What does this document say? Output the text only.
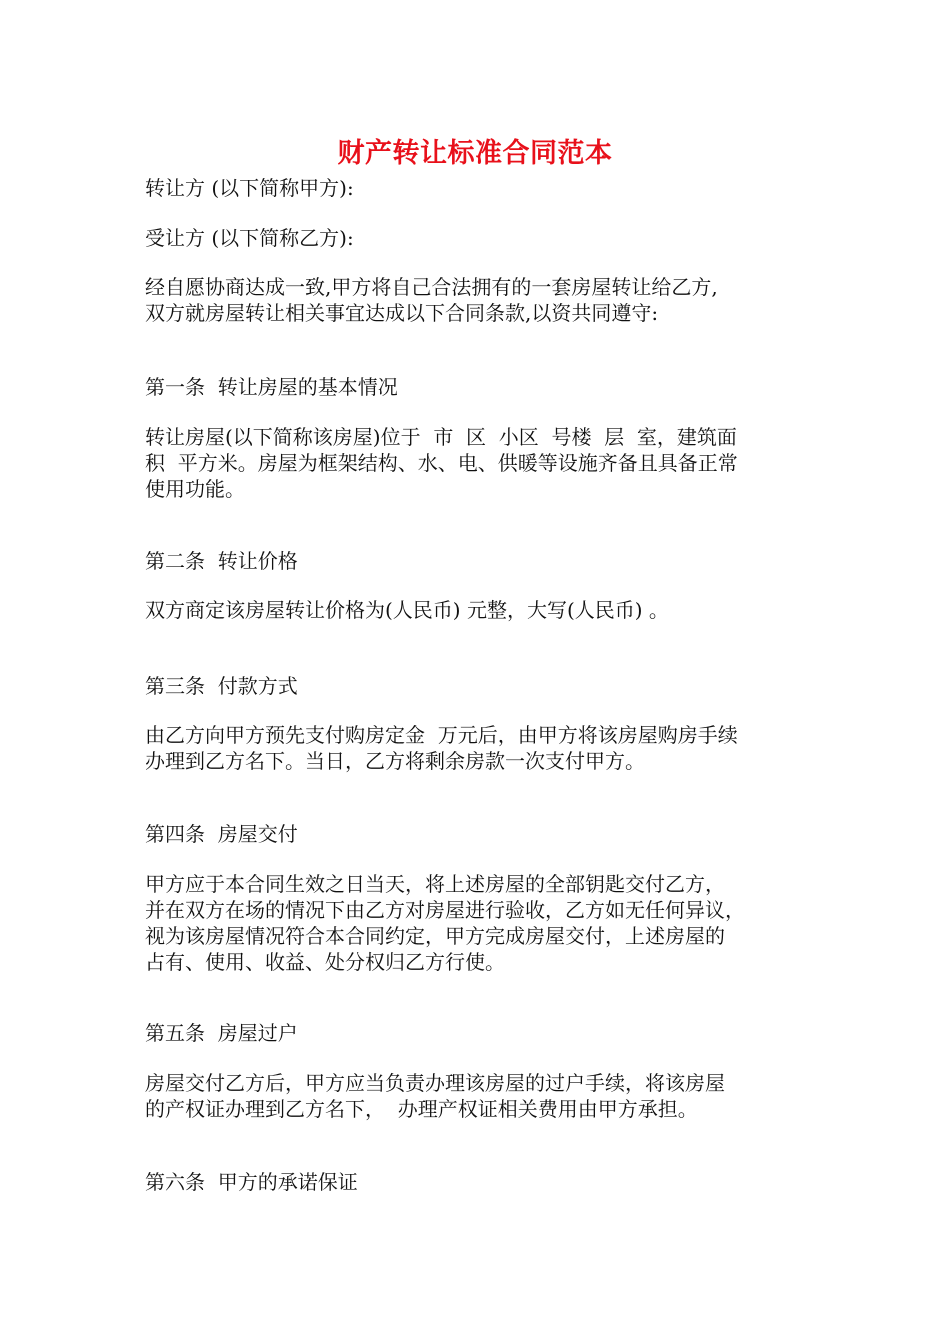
财产转让标准合同范本
转让方 (以下简称甲方):
受让方 (以下简称乙方):
经自愿协商达成一致,甲方将自己合法拥有的一套房屋转让给乙方,
双方就房屋转让相关事宜达成以下合同条款,以资共同遵守:
第一条  转让房屋的基本情况
转让房屋(以下简称该房屋)位于  市  区  小区  号楼  层  室，建筑面
积  平方米。房屋为框架结构、水、电、供暖等设施齐备且具备正常
使用功能。
第二条  转让价格
双方商定该房屋转让价格为(人民币) 元整，大写(人民币) 。
第三条  付款方式
由乙方向甲方预先支付购房定金  万元后，由甲方将该房屋购房手续
办理到乙方名下。当日，乙方将剩余房款一次支付甲方。
第四条  房屋交付
甲方应于本合同生效之日当天，将上述房屋的全部钥匙交付乙方，
并在双方在场的情况下由乙方对房屋进行验收，乙方如无任何异议，
视为该房屋情况符合本合同约定，甲方完成房屋交付，上述房屋的
占有、使用、收益、处分权归乙方行使。
第五条  房屋过户
房屋交付乙方后，甲方应当负责办理该房屋的过户手续，将该房屋
的产权证办理到乙方名下，  办理产权证相关费用由甲方承担。
第六条  甲方的承诺保证
